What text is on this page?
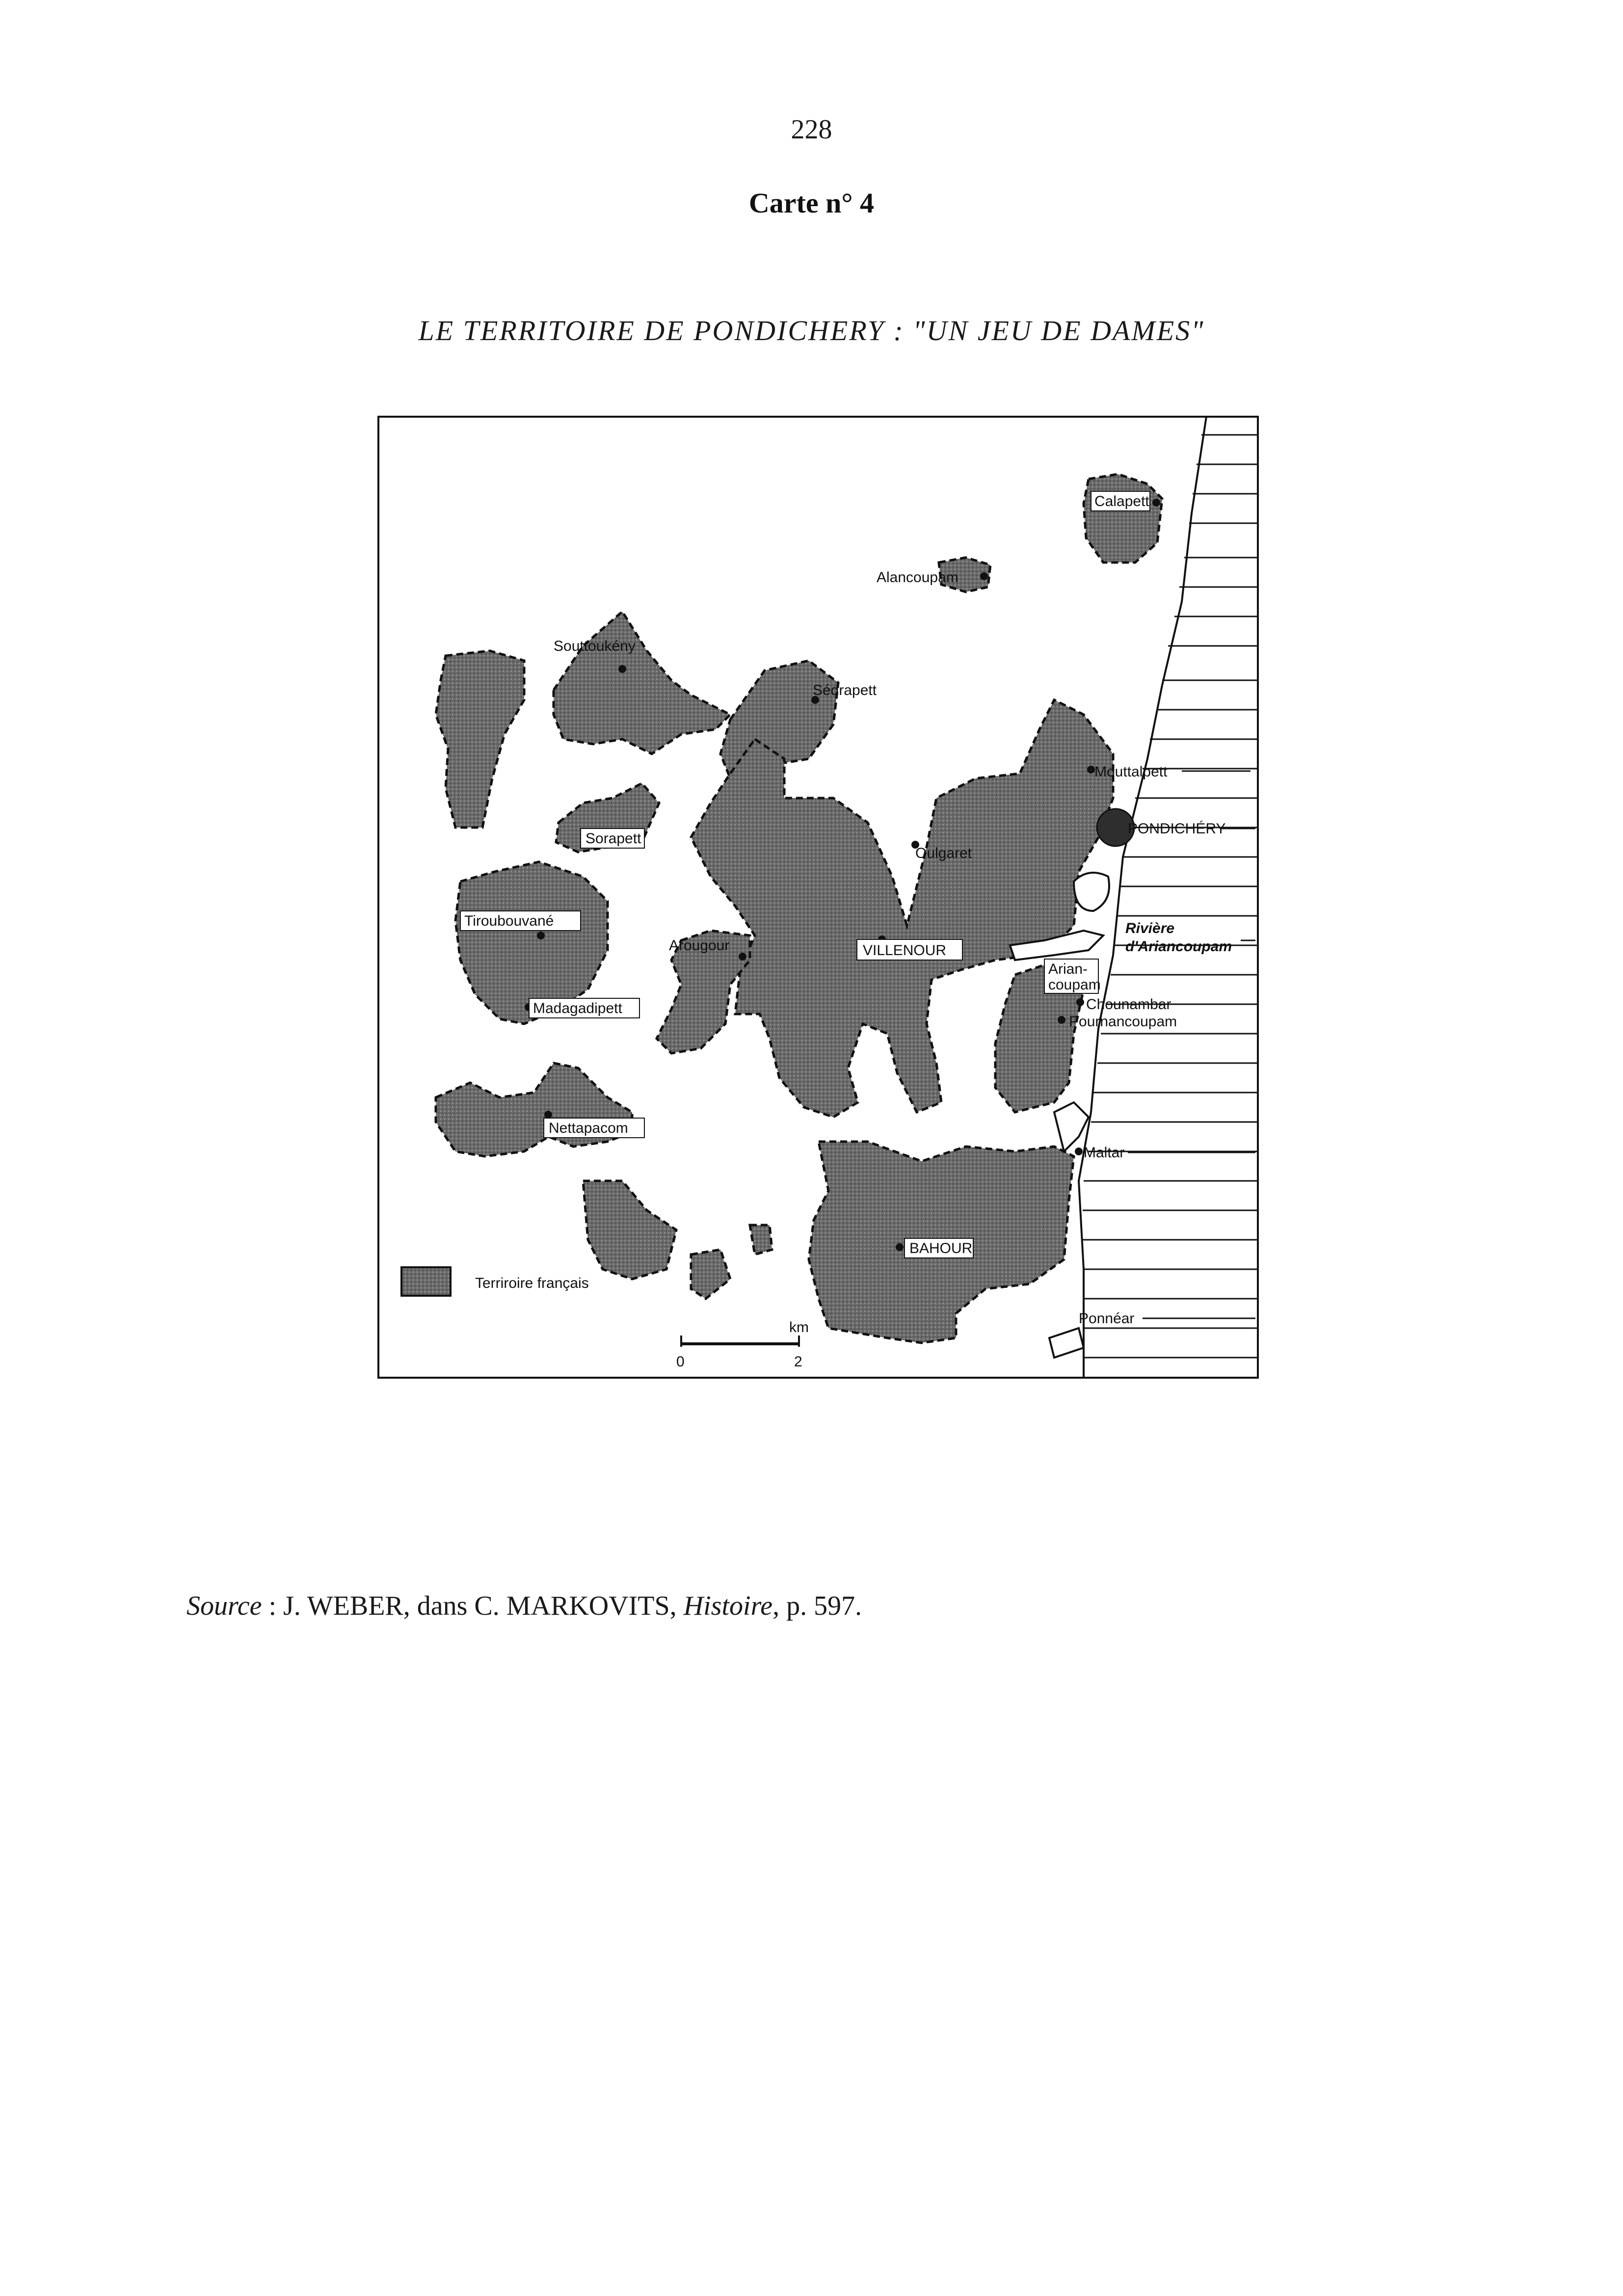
228
Carte n° 4
LE TERRITOIRE DE PONDICHERY : "UN JEU DE DAMES"
Calapett
Alancoupam
Souttoukény
Sédrapett
Mouttalpett
PONDICHÉRY
Sorapett
Oulgaret
Tiroubouvané
Arougour	VILLENOUR
Rivière
d'Ariancoupam
Arian-
coupam
Madagadipett	Chounambar
Pournancoupam
Nettapacom
Maltar
BAHOUR
Ponnéar
Terriroire français
km
0	2
Source : J. WEBER, dans C. MARKOVITS, Histoire, p. 597.
